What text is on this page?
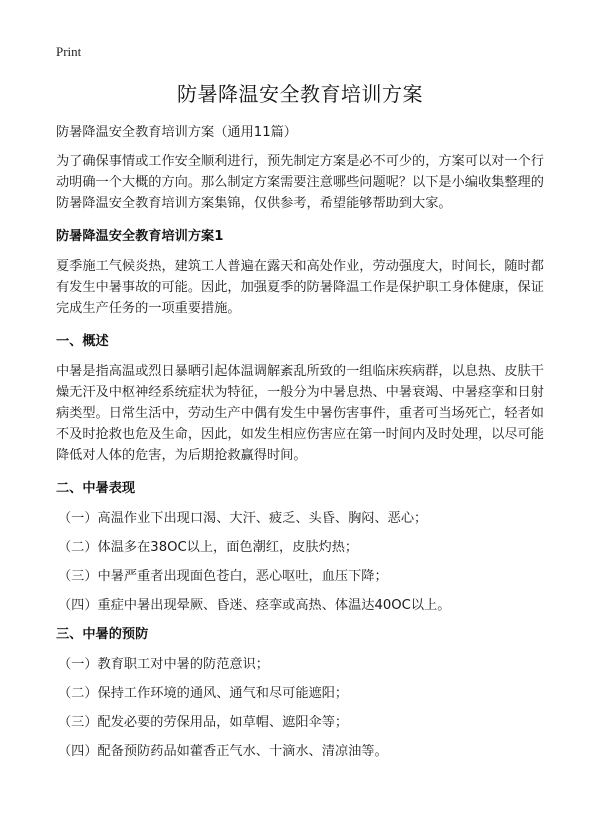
Print
防暑降温安全教育培训方案

防暑降温安全教育培训方案（通用11篇）

为了确保事情或工作安全顺利进行，预先制定方案是必不可少的，方案可以对一个行动明确一个大概的方向。那么制定方案需要注意哪些问题呢？以下是小编收集整理的防暑降温安全教育培训方案集锦，仅供参考，希望能够帮助到大家。

防暑降温安全教育培训方案1

夏季施工气候炎热，建筑工人普遍在露天和高处作业，劳动强度大，时间长，随时都有发生中暑事故的可能。因此，加强夏季的防暑降温工作是保护职工身体健康，保证完成生产任务的一项重要措施。

一、概述

中暑是指高温或烈日暴晒引起体温调解紊乱所致的一组临床疾病群，以息热、皮肤干燥无汗及中枢神经系统症状为特征，一般分为中暑息热、中暑衰竭、中暑痉挛和日射病类型。日常生活中，劳动生产中偶有发生中暑伤害事件，重者可当场死亡，轻者如不及时抢救也危及生命，因此，如发生相应伤害应在第一时间内及时处理，以尽可能降低对人体的危害，为后期抢救赢得时间。

二、中暑表现

（一）高温作业下出现口渴、大汗、疲乏、头昏、胸闷、恶心；

（二）体温多在38OC以上，面色潮红，皮肤灼热；

（三）中暑严重者出现面色苍白，恶心呕吐，血压下降；

（四）重症中暑出现晕厥、昏迷、痉挛或高热、体温达40OC以上。

三、中暑的预防

（一）教育职工对中暑的防范意识；

（二）保持工作环境的通风、通气和尽可能遮阳；

（三）配发必要的劳保用品，如草帽、遮阳伞等；

（四）配备预防药品如藿香正气水、十滴水、清凉油等。
